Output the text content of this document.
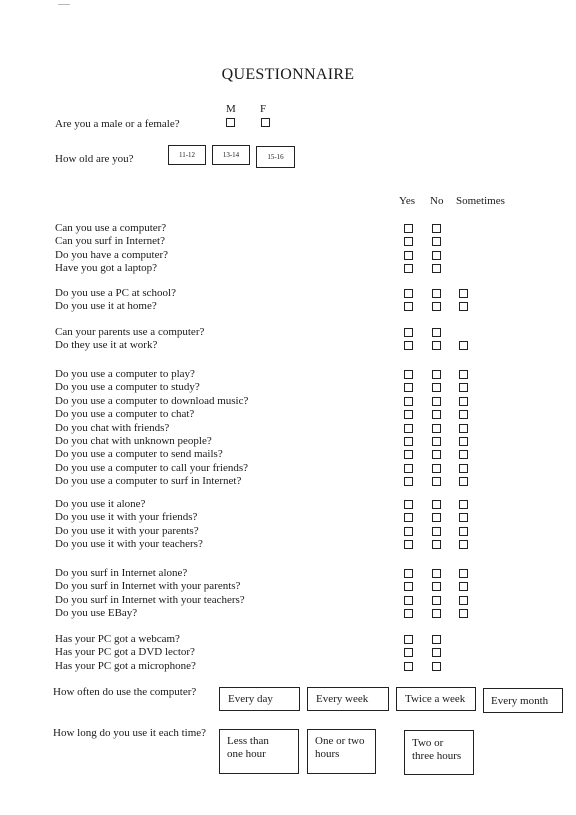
QUESTIONNAIRE
Are you a male or a female?
M F
How old are you?	11-12	13-14	15-16
Yes No Sometimes
Can you use a computer?
Can you surf in Internet?
Do you have a computer?
Have you got a laptop?
Do you use a PC at school?
Do you use it at home?
Can your parents use a computer?
Do they use it at work?
Do you use a computer to play?
Do you use a computer to study?
Do you use a computer to download music?
Do you use a computer to chat?
Do you chat with friends?
Do you chat with unknown people?
Do you use a computer to send mails?
Do you use a computer to call your friends?
Do you use a computer to surf in Internet?
Do you use it alone?
Do you use it with your friends?
Do you use it with your parents?
Do you use it with your teachers?
Do you surf in Internet alone?
Do you surf in Internet with your parents?
Do you surf in Internet with your teachers?
Do you use EBay?
Has your PC got a webcam?
Has your PC got a DVD lector?
Has your PC got a microphone?
How often do use the computer?
Every day	Every week	Twice a week	Every month
How long do you use it each time?
Less than
one hour
One or two
hours
Two or
three hours
